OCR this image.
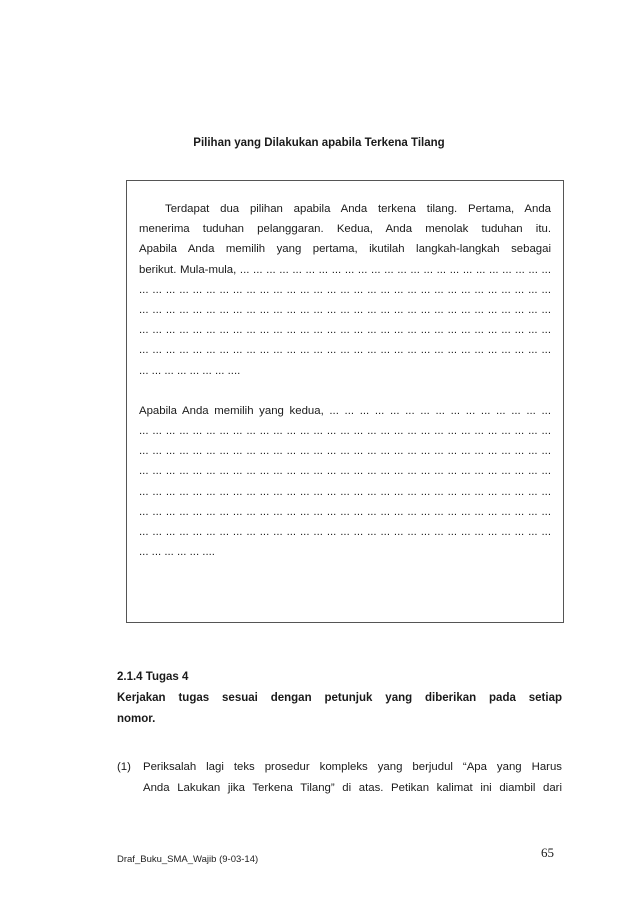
Pilihan yang Dilakukan apabila Terkena Tilang
Terdapat dua pilihan apabila Anda terkena tilang. Pertama, Anda
menerima tuduhan pelanggaran. Kedua, Anda menolak tuduhan itu.
Apabila Anda memilih yang pertama, ikutilah langkah-langkah sebagai
berikut. Mula-mula, ... ... ... ... ... ... ... ... ... ... ... ... ... ... ... ... ... ... ... ... ... ... ... ...
... ... ... ... ... ... ... ... ... ... ... ... ... ... ... ... ... ... ... ... ... ... ... ... ... ... ... ... ... ... ...
... ... ... ... ... ... ... ... ... ... ... ... ... ... ... ... ... ... ... ... ... ... ... ... ... ... ... ... ... ... ...
... ... ... ... ... ... ... ... ... ... ... ... ... ... ... ... ... ... ... ... ... ... ... ... ... ... ... ... ... ... ...
... ... ... ... ... ... ... ... ... ... ... ... ... ... ... ... ... ... ... ... ... ... ... ... ... ... ... ... ... ... ...
... ... ... ... ... ... ... ....
Apabila Anda memilih yang kedua, ... ... ... ... ... ... ... ... ... ... ... ... ... ... ...
... ... ... ... ... ... ... ... ... ... ... ... ... ... ... ... ... ... ... ... ... ... ... ... ... ... ... ... ... ... ...
... ... ... ... ... ... ... ... ... ... ... ... ... ... ... ... ... ... ... ... ... ... ... ... ... ... ... ... ... ... ...
... ... ... ... ... ... ... ... ... ... ... ... ... ... ... ... ... ... ... ... ... ... ... ... ... ... ... ... ... ... ...
... ... ... ... ... ... ... ... ... ... ... ... ... ... ... ... ... ... ... ... ... ... ... ... ... ... ... ... ... ... ...
... ... ... ... ... ... ... ... ... ... ... ... ... ... ... ... ... ... ... ... ... ... ... ... ... ... ... ... ... ... ...
... ... ... ... ... ... ... ... ... ... ... ... ... ... ... ... ... ... ... ... ... ... ... ... ... ... ... ... ... ... ...
... ... ... ... ... ....
2.1.4 Tugas 4
Kerjakan tugas sesuai dengan petunjuk yang diberikan pada setiap
nomor.
(1)	Periksalah lagi teks prosedur kompleks yang berjudul “Apa yang Harus
Anda Lakukan jika Terkena Tilang” di atas. Petikan kalimat ini diambil dari
Draf_Buku_SMA_Wajib (9-03-14)	65
